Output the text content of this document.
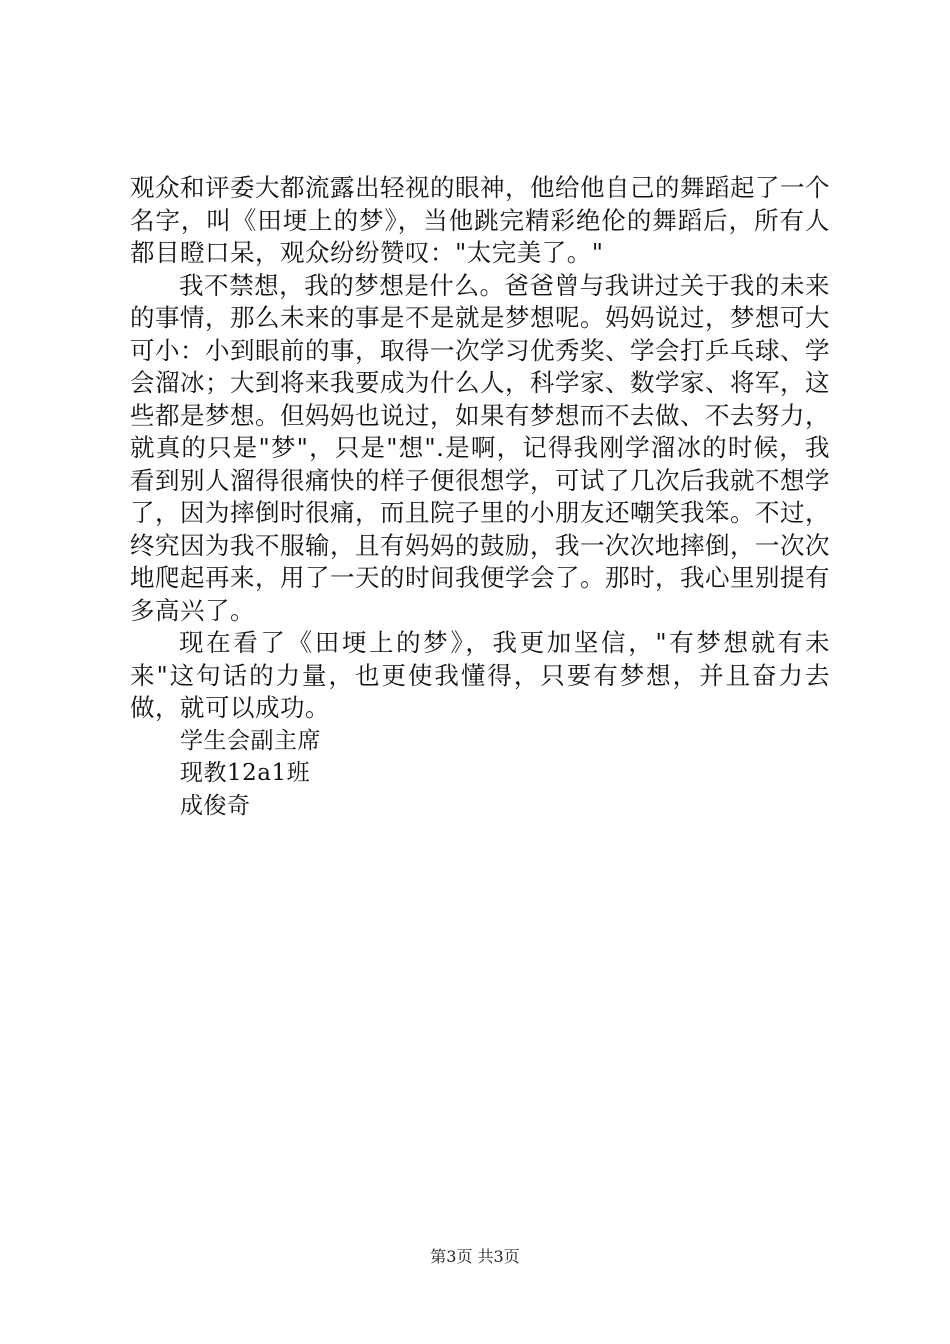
观众和评委大都流露出轻视的眼神，他给他自己的舞蹈起了一个名字，叫《田埂上的梦》，当他跳完精彩绝伦的舞蹈后，所有人都目瞪口呆，观众纷纷赞叹："太完美了。"

我不禁想，我的梦想是什么。爸爸曾与我讲过关于我的未来的事情，那么未来的事是不是就是梦想呢。妈妈说过，梦想可大可小：小到眼前的事，取得一次学习优秀奖、学会打乒乓球、学会溜冰；大到将来我要成为什么人，科学家、数学家、将军，这些都是梦想。但妈妈也说过，如果有梦想而不去做、不去努力，就真的只是"梦"，只是"想".是啊，记得我刚学溜冰的时候，我看到别人溜得很痛快的样子便很想学，可试了几次后我就不想学了，因为摔倒时很痛，而且院子里的小朋友还嘲笑我笨。不过，终究因为我不服输，且有妈妈的鼓励，我一次次地摔倒，一次次地爬起再来，用了一天的时间我便学会了。那时，我心里别提有多高兴了。

现在看了《田埂上的梦》，我更加坚信，"有梦想就有未来"这句话的力量，也更使我懂得，只要有梦想，并且奋力去做，就可以成功。

学生会副主席
现教12a1班
成俊奇
第3页 共3页
